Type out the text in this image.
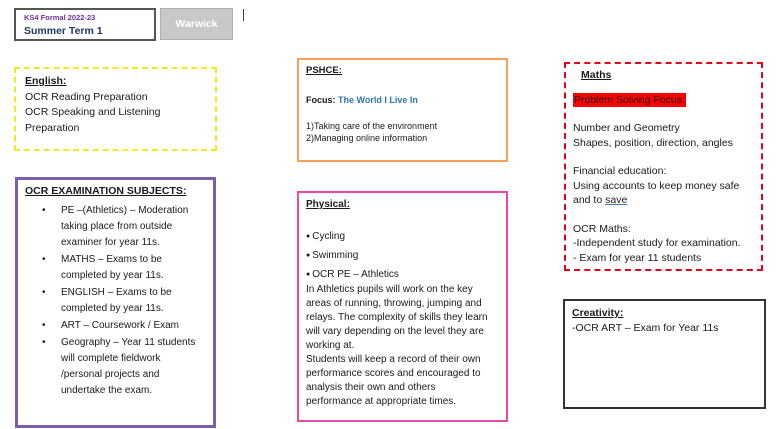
KS4 Formal 2022-23
Summer Term 1
Warwick
English:
OCR Reading Preparation
OCR Speaking and Listening
Preparation
OCR EXAMINATION SUBJECTS:
• PE –(Athletics) – Moderation
taking place from outside
examiner for year 11s.
• MATHS – Exams to be
completed by year 11s.
• ENGLISH – Exams to be
completed by year 11s.
• ART – Coursework / Exam
• Geography – Year 11 students
will complete fieldwork
/personal projects and
undertake the exam.
PSHCE:
Focus: The World I Live In
1)Taking care of the environment
2)Managing online information
Physical:
● Cycling
● Swimming
● OCR PE – Athletics
In Athletics pupils will work on the key
areas of running, throwing, jumping and
relays. The complexity of skills they learn
will vary depending on the level they are
working at.
Students will keep a record of their own
performance scores and encouraged to
analysis their own and others
performance at appropriate times.
Maths
Problem Solving Focus:
Number and Geometry
Shapes, position, direction, angles
Financial education:
Using accounts to keep money safe
and to save
OCR Maths:
-Independent study for examination.
- Exam for year 11 students
Creativity:
-OCR ART – Exam for Year 11s
